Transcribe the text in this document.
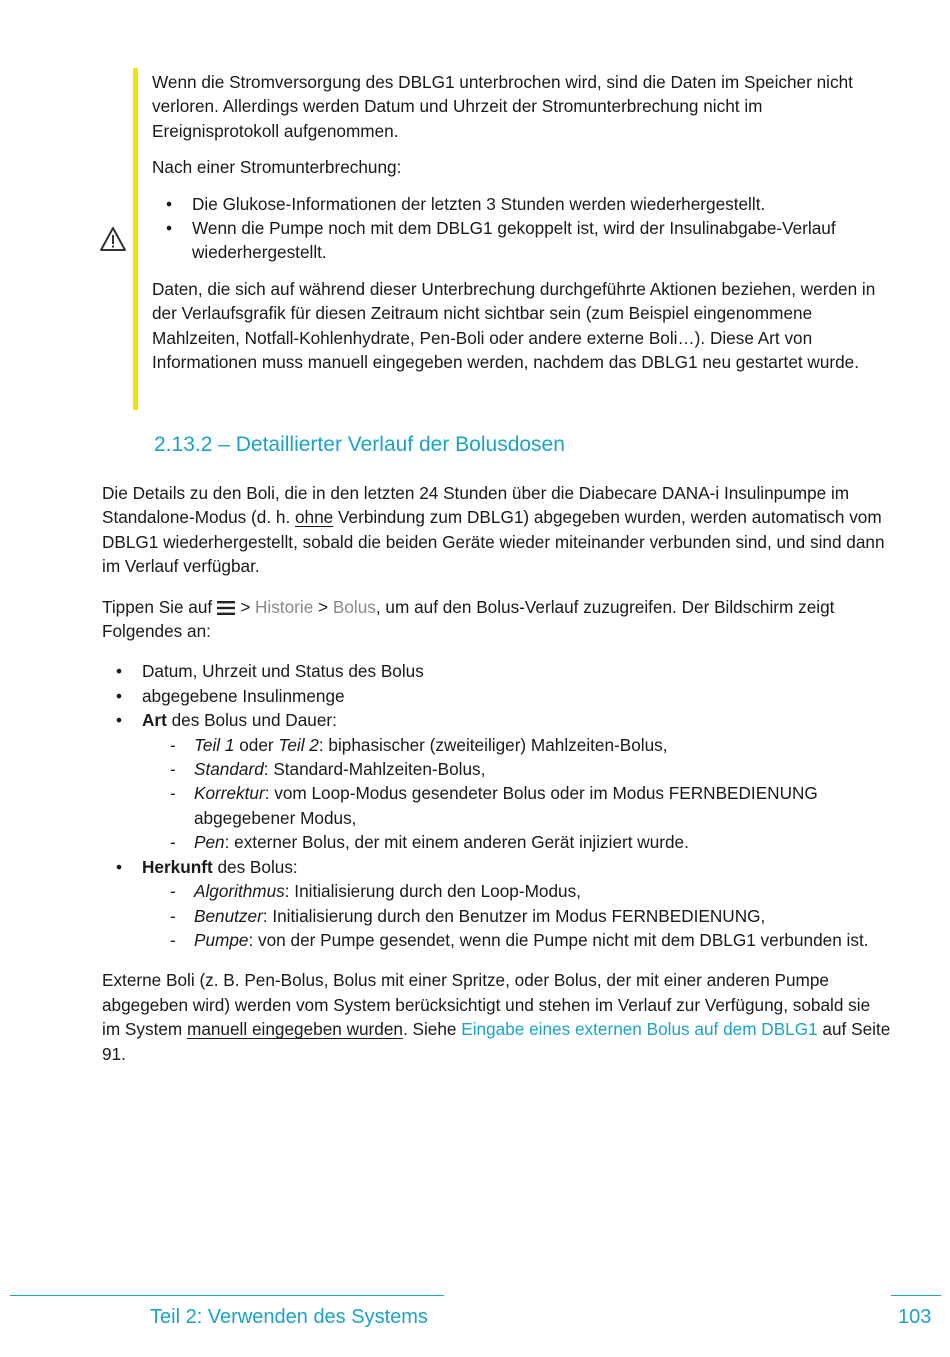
Wenn die Stromversorgung des DBLG1 unterbrochen wird, sind die Daten im Speicher nicht verloren. Allerdings werden Datum und Uhrzeit der Stromunterbrechung nicht im Ereignisprotokoll aufgenommen.

Nach einer Stromunterbrechung:

• Die Glukose-Informationen der letzten 3 Stunden werden wiederhergestellt.
• Wenn die Pumpe noch mit dem DBLG1 gekoppelt ist, wird der Insulinabgabe-Verlauf wiederhergestellt.

Daten, die sich auf während dieser Unterbrechung durchgeführte Aktionen beziehen, werden in der Verlaufsgrafik für diesen Zeitraum nicht sichtbar sein (zum Beispiel eingenommene Mahlzeiten, Notfall-Kohlenhydrate, Pen-Boli oder andere externe Boli…). Diese Art von Informationen muss manuell eingegeben werden, nachdem das DBLG1 neu gestartet wurde.

2.13.2 – Detaillierter Verlauf der Bolusdosen

Die Details zu den Boli, die in den letzten 24 Stunden über die Diabecare DANA-i Insulinpumpe im Standalone-Modus (d. h. ohne Verbindung zum DBLG1) abgegeben wurden, werden automatisch vom DBLG1 wiederhergestellt, sobald die beiden Geräte wieder miteinander verbunden sind, und sind dann im Verlauf verfügbar.

Tippen Sie auf > Historie > Bolus, um auf den Bolus-Verlauf zuzugreifen. Der Bildschirm zeigt Folgendes an:

• Datum, Uhrzeit und Status des Bolus
• abgegebene Insulinmenge
• Art des Bolus und Dauer:
- Teil 1 oder Teil 2: biphasischer (zweiteiliger) Mahlzeiten-Bolus,
- Standard: Standard-Mahlzeiten-Bolus,
- Korrektur: vom Loop-Modus gesendeter Bolus oder im Modus FERNBEDIENUNG abgegebener Modus,
- Pen: externer Bolus, der mit einem anderen Gerät injiziert wurde.
• Herkunft des Bolus:
- Algorithmus: Initialisierung durch den Loop-Modus,
- Benutzer: Initialisierung durch den Benutzer im Modus FERNBEDIENUNG,
- Pumpe: von der Pumpe gesendet, wenn die Pumpe nicht mit dem DBLG1 verbunden ist.

Externe Boli (z. B. Pen-Bolus, Bolus mit einer Spritze, oder Bolus, der mit einer anderen Pumpe abgegeben wird) werden vom System berücksichtigt und stehen im Verlauf zur Verfügung, sobald sie im System manuell eingegeben wurden. Siehe Eingabe eines externen Bolus auf dem DBLG1 auf Seite 91.

Teil 2: Verwenden des Systems	103
